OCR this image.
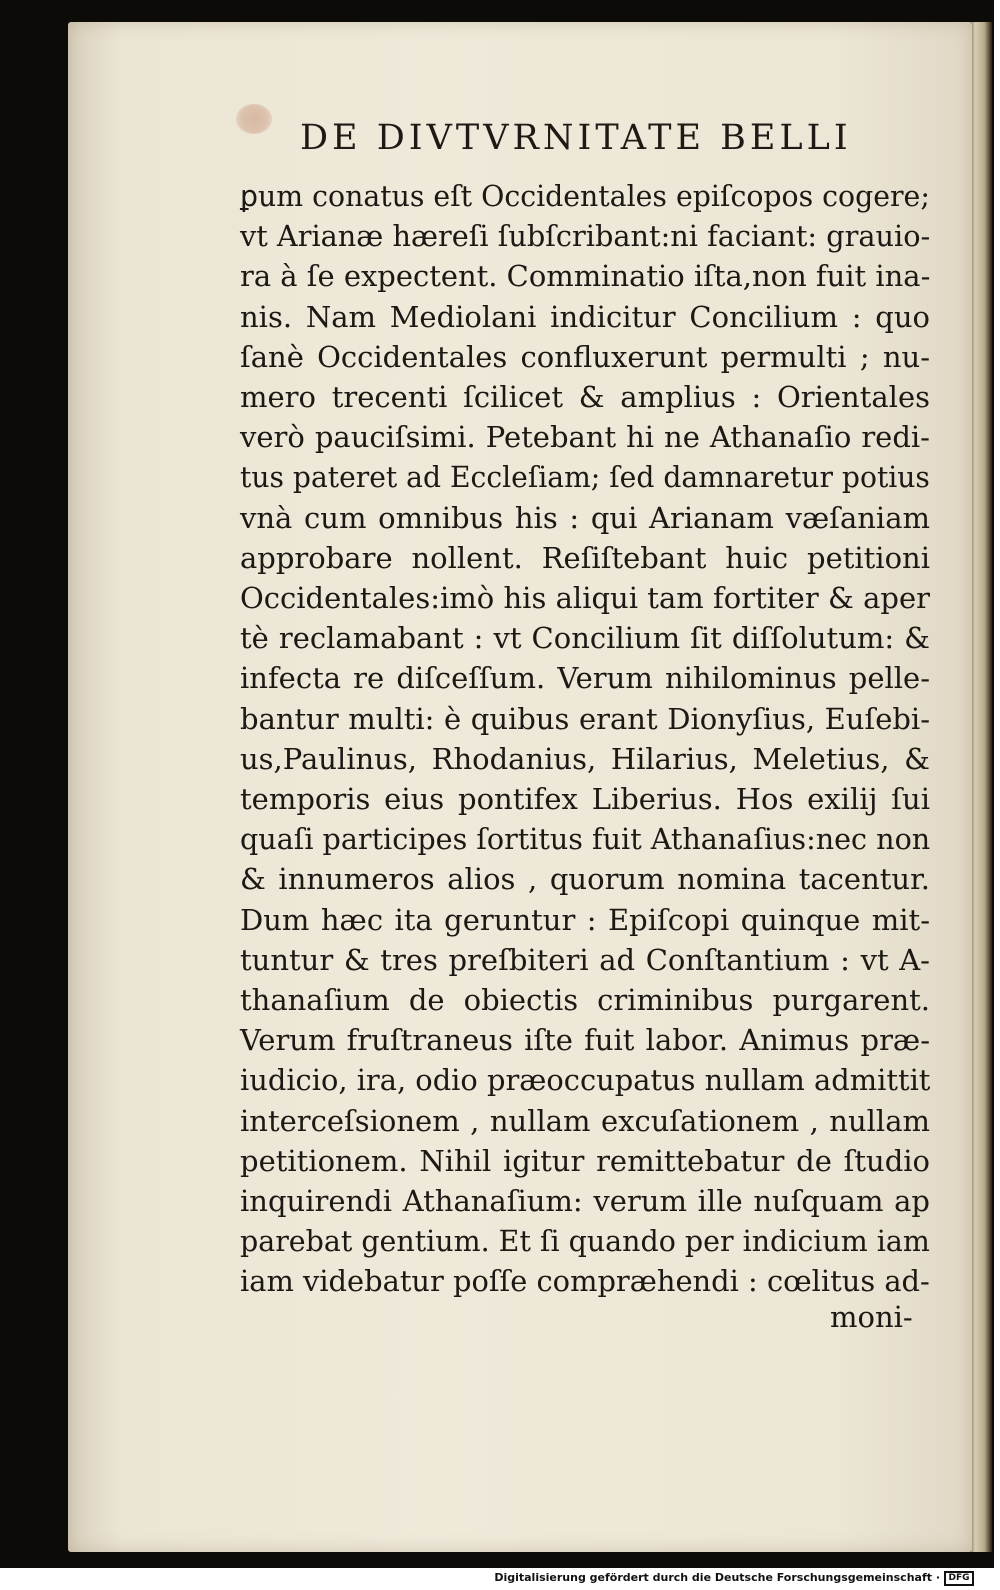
DE DIVTVRNITATE BELLI
ꝑum conatus eſt Occidentales epiſcopos cogere;
vt Arianæ hæreſi ſubſcribant:ni faciant: grauio-
ra à ſe expectent. Comminatio iſta,non fuit ina-
nis. Nam Mediolani indicitur Concilium : quo
ſanè Occidentales confluxerunt permulti ; nu-
mero trecenti ſcilicet & amplius : Orientales
verò pauciſsimi. Petebant hi ne Athanaſio redi-
tus pateret ad Eccleſiam; ſed damnaretur potius
vnà cum omnibus his : qui Arianam væſaniam
approbare nollent. Reſiſtebant huic petitioni
Occidentales:imò his aliqui tam fortiter & aper
tè reclamabant : vt Concilium ſit diſſolutum: &
infecta re diſceſſum. Verum nihilominus pelle-
bantur multi: è quibus erant Dionyſius, Euſebi-
us,Paulinus, Rhodanius, Hilarius, Meletius, &
temporis eius pontifex Liberius. Hos exilij ſui
quaſi participes ſortitus fuit Athanaſius:nec non
& innumeros alios , quorum nomina tacentur.
Dum hæc ita geruntur : Epiſcopi quinque mit-
tuntur & tres preſbiteri ad Conſtantium : vt A-
thanaſium de obiectis criminibus purgarent.
Verum fruſtraneus iſte fuit labor. Animus præ-
iudicio, ira, odio præoccupatus nullam admittit
interceſsionem , nullam excuſationem , nullam
petitionem. Nihil igitur remittebatur de ſtudio
inquirendi Athanaſium: verum ille nuſquam ap
parebat gentium. Et ſi quando per indicium iam
iam videbatur poſſe compræhendi : cœlitus ad-
moni-
Digitalisierung gefördert durch die Deutsche Forschungsgemeinschaft · DFG
